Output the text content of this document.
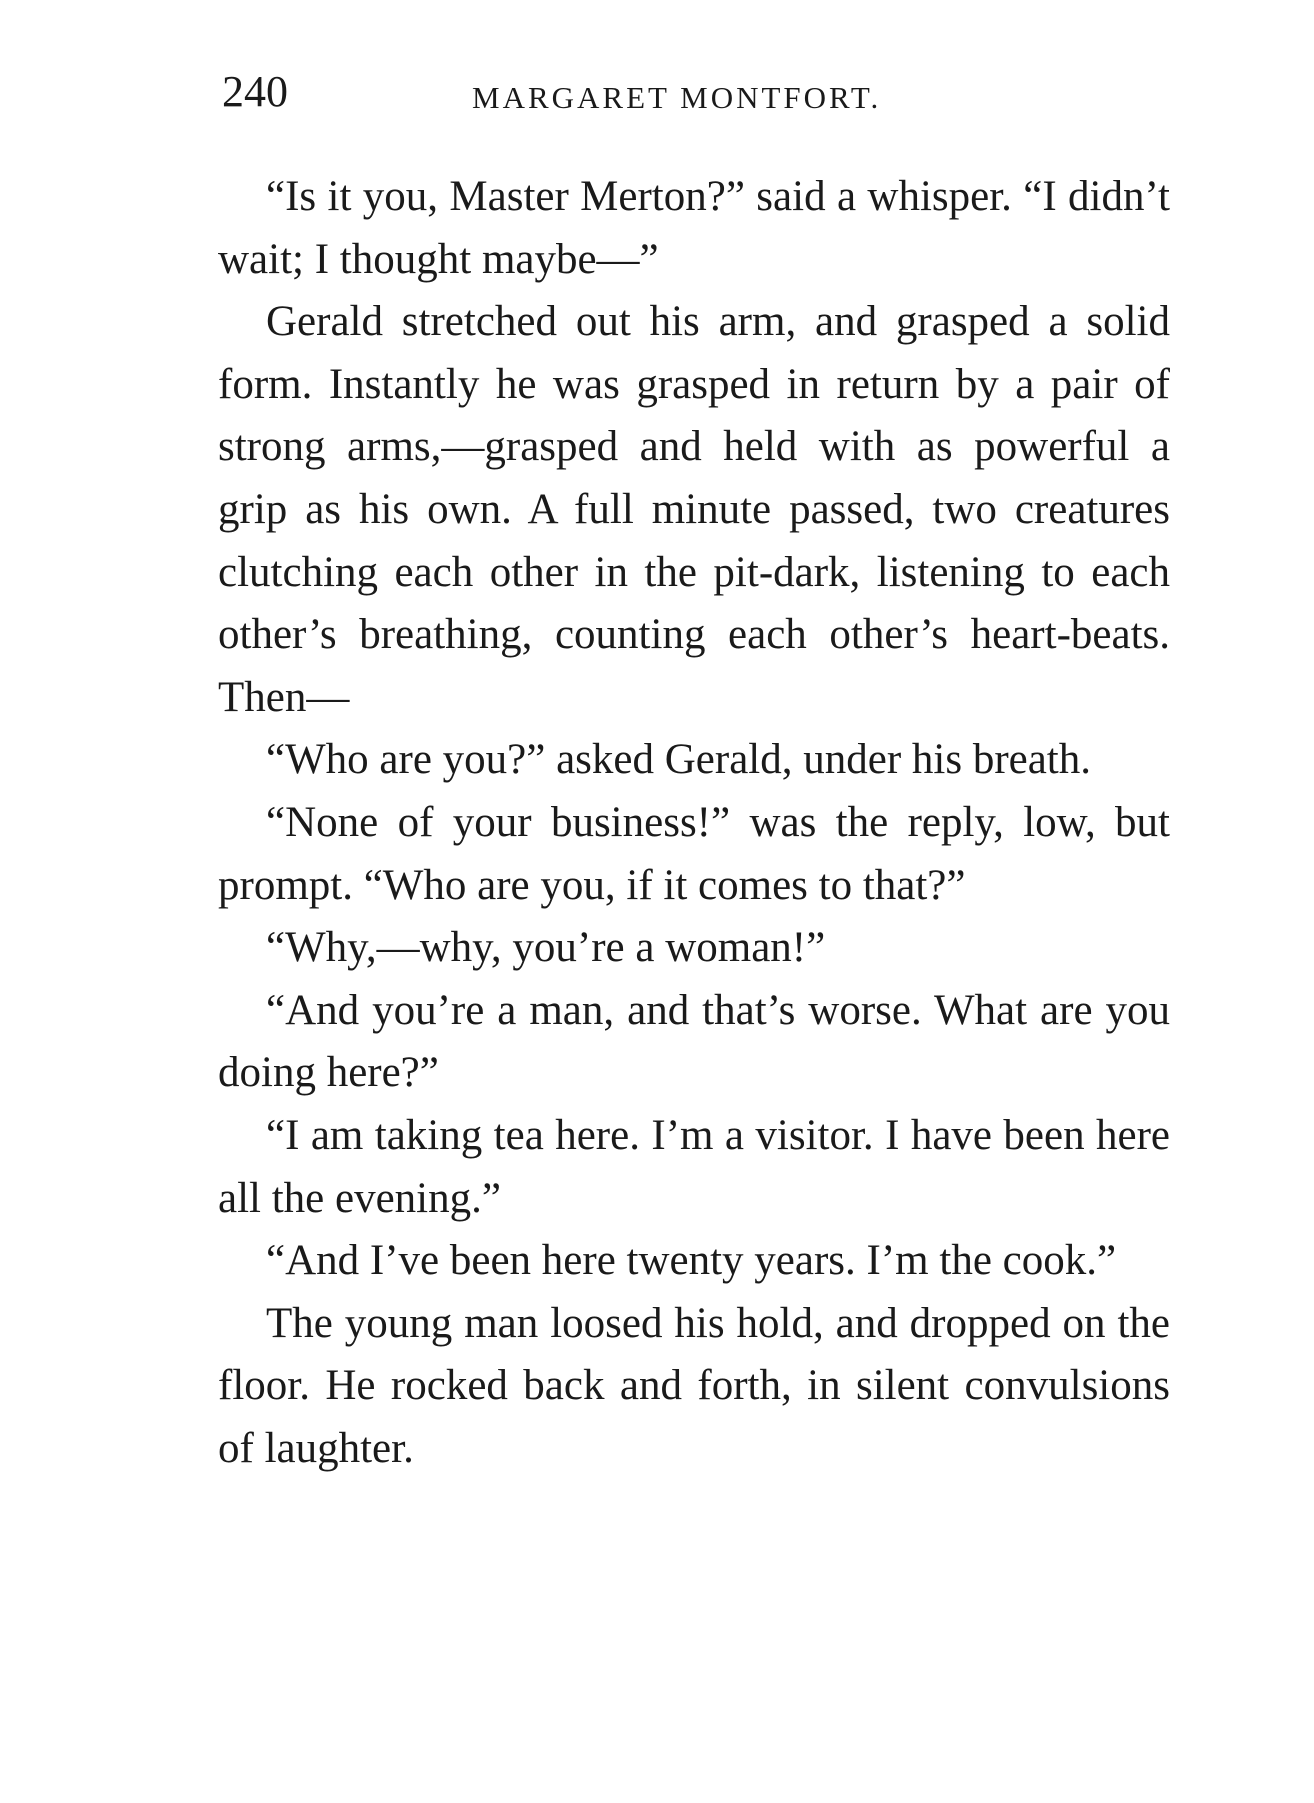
240	MARGARET MONTFORT.

“Is it you, Master Merton?” said a whisper. “I didn’t wait; I thought maybe—”

Gerald stretched out his arm, and grasped a solid form. Instantly he was grasped in return by a pair of strong arms,—grasped and held with as powerful a grip as his own. A full minute passed, two creatures clutching each other in the pit-dark, listening to each other’s breathing, counting each other’s heart-beats. Then—

“Who are you?” asked Gerald, under his breath.

“None of your business!” was the reply, low, but prompt. “Who are you, if it comes to that?”

“Why,—why, you’re a woman!”

“And you’re a man, and that’s worse. What are you doing here?”

“I am taking tea here. I’m a visitor. I have been here all the evening.”

“And I’ve been here twenty years. I’m the cook.”

The young man loosed his hold, and dropped on the floor. He rocked back and forth, in silent convulsions of laughter.
